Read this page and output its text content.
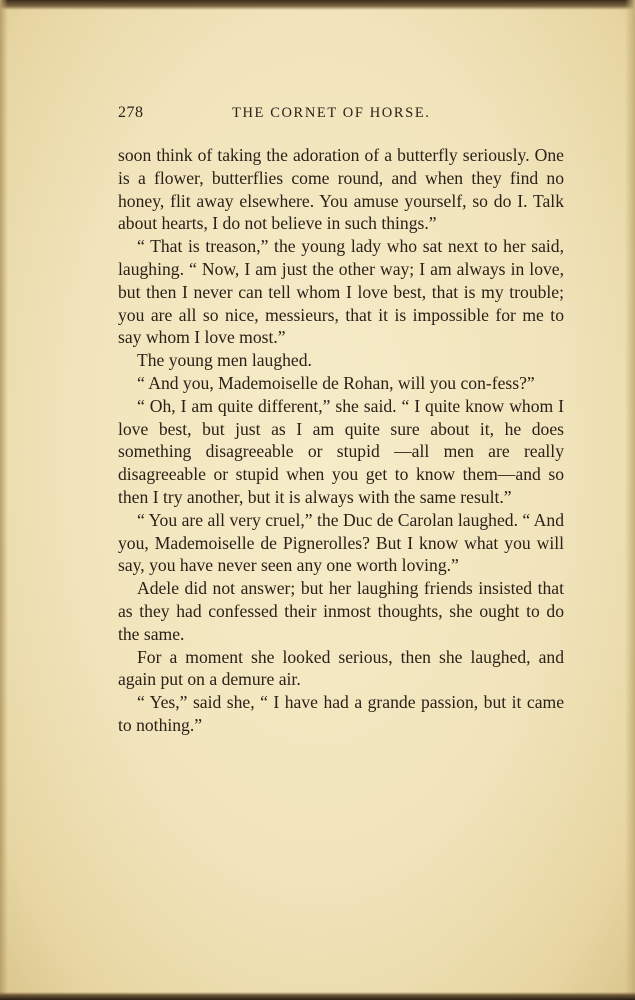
278	THE CORNET OF HORSE.

soon think of taking the adoration of a butterfly seriously. One is a flower, butterflies come round, and when they find no honey, flit away elsewhere. You amuse yourself, so do I. Talk about hearts, I do not believe in such things.”

“ That is treason,” the young lady who sat next to her said, laughing. “ Now, I am just the other way; I am always in love, but then I never can tell whom I love best, that is my trouble; you are all so nice, messieurs, that it is impossible for me to say whom I love most.”

The young men laughed.

“ And you, Mademoiselle de Rohan, will you con-fess?”

“ Oh, I am quite different,” she said. “ I quite know whom I love best, but just as I am quite sure about it, he does something disagreeable or stupid —all men are really disagreeable or stupid when you get to know them—and so then I try another, but it is always with the same result.”

“ You are all very cruel,” the Duc de Carolan laughed. “ And you, Mademoiselle de Pignerolles? But I know what you will say, you have never seen any one worth loving.”

Adele did not answer; but her laughing friends insisted that as they had confessed their inmost thoughts, she ought to do the same.

For a moment she looked serious, then she laughed, and again put on a demure air.

“ Yes,” said she, “ I have had a grande passion, but it came to nothing.”
